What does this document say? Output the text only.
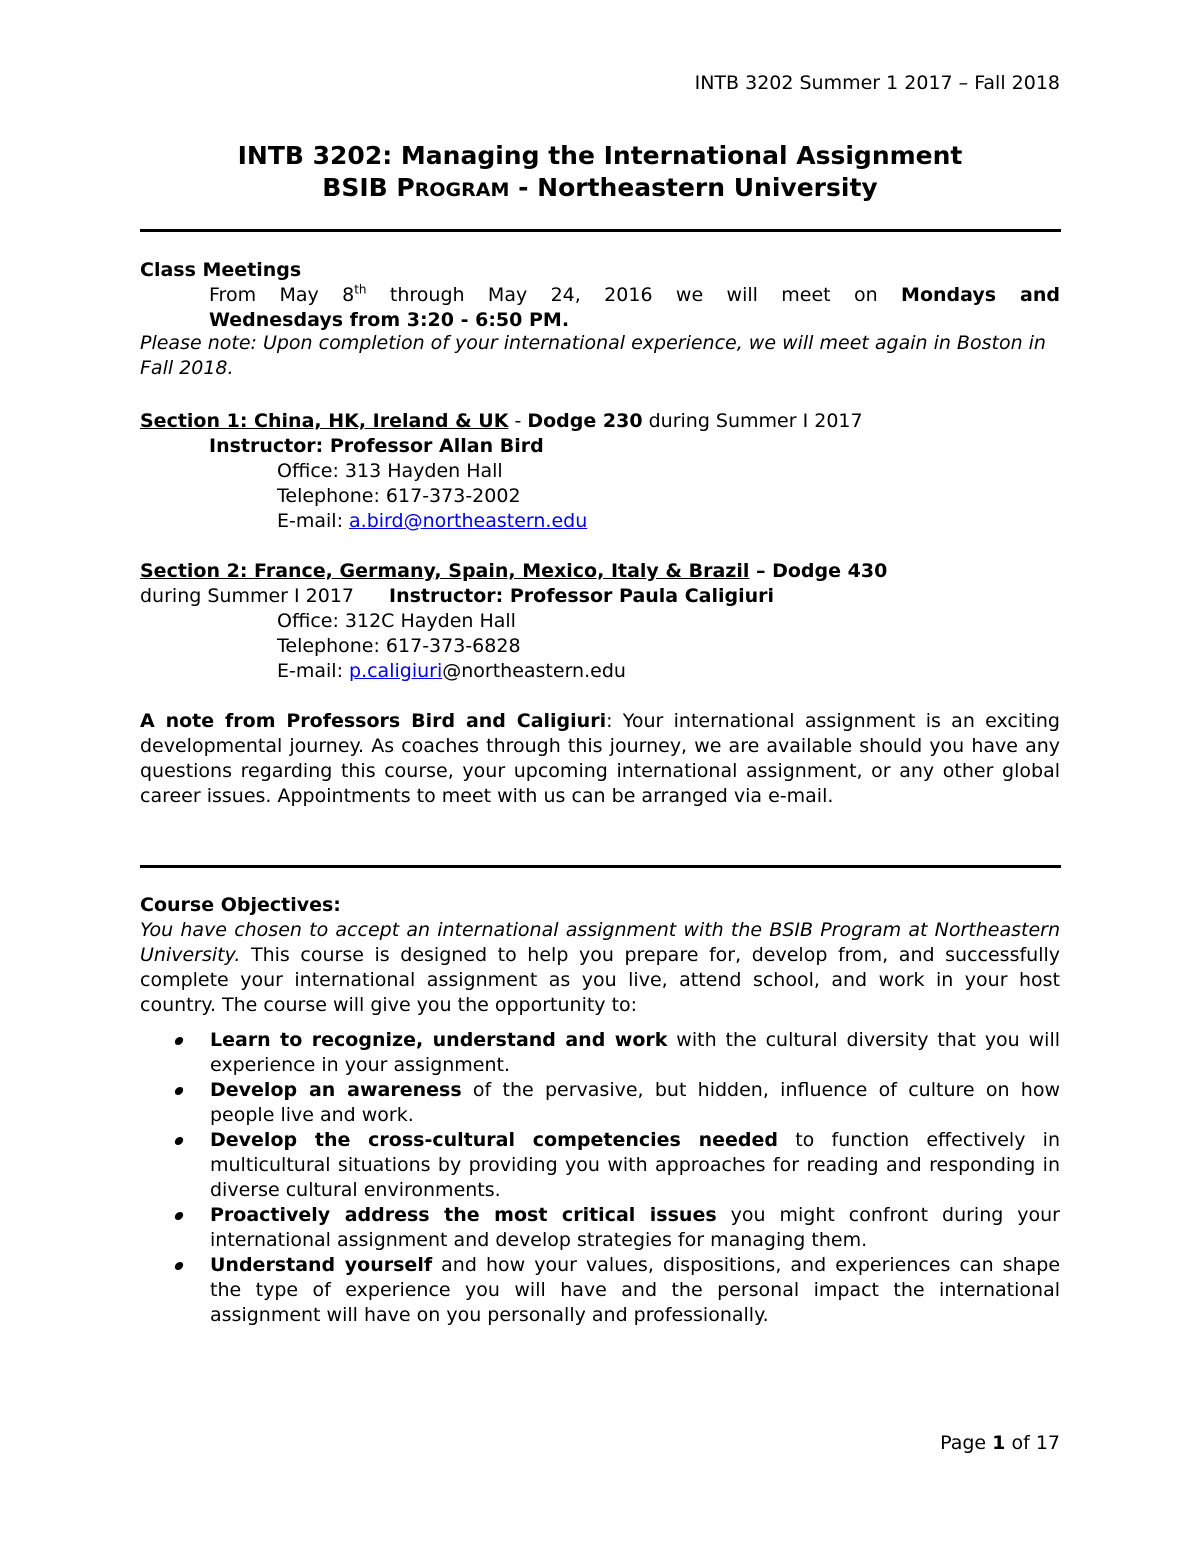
INTB 3202 Summer 1 2017 – Fall 2018
INTB 3202: Managing the International Assignment
BSIB PROGRAM - Northeastern University
Class Meetings
From May 8th through May 24, 2016 we will meet on Mondays and
Wednesdays from 3:20 - 6:50 PM.
Please note: Upon completion of your international experience, we will meet again in Boston in Fall 2018.
Section 1: China, HK, Ireland & UK - Dodge 230 during Summer I 2017
Instructor: Professor Allan Bird
Office: 313 Hayden Hall
Telephone: 617-373-2002
E-mail: a.bird@northeastern.edu
Section 2: France, Germany, Spain, Mexico, Italy & Brazil – Dodge 430
during Summer I 2017 Instructor: Professor Paula Caligiuri
Office: 312C Hayden Hall
Telephone: 617-373-6828
E-mail: p.caligiuri@northeastern.edu
A note from Professors Bird and Caligiuri: Your international assignment is an exciting developmental journey. As coaches through this journey, we are available should you have any questions regarding this course, your upcoming international assignment, or any other global career issues. Appointments to meet with us can be arranged via e-mail.
Course Objectives:
You have chosen to accept an international assignment with the BSIB Program at Northeastern University. This course is designed to help you prepare for, develop from, and successfully complete your international assignment as you live, attend school, and work in your host country. The course will give you the opportunity to:
Learn to recognize, understand and work with the cultural diversity that you will experience in your assignment.
Develop an awareness of the pervasive, but hidden, influence of culture on how people live and work.
Develop the cross-cultural competencies needed to function effectively in multicultural situations by providing you with approaches for reading and responding in diverse cultural environments.
Proactively address the most critical issues you might confront during your international assignment and develop strategies for managing them.
Understand yourself and how your values, dispositions, and experiences can shape the type of experience you will have and the personal impact the international assignment will have on you personally and professionally.
Page 1 of 17
